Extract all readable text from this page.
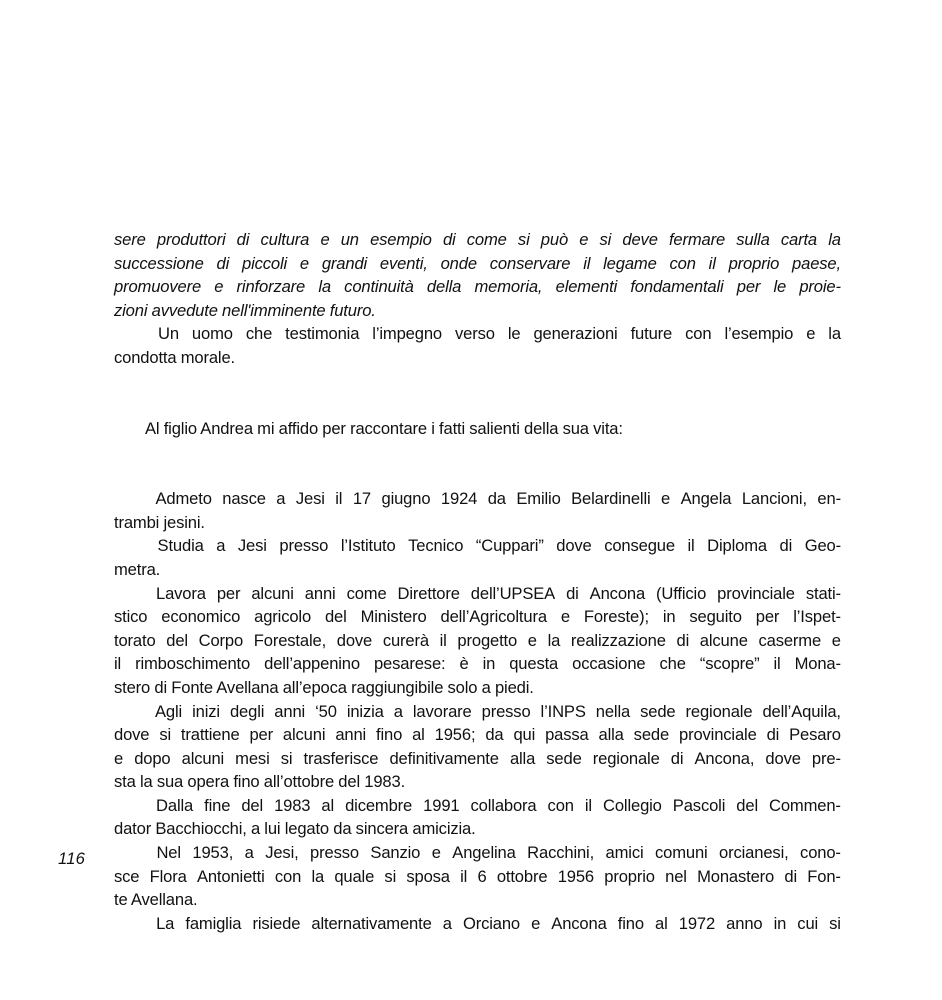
sere produttori di cultura e un esempio di come si può e si deve fermare sulla carta la
successione di piccoli e grandi eventi, onde conservare il legame con il proprio paese,
promuovere e rinforzare la continuità della memoria, elementi fondamentali per le proie-
zioni avvedute nell'imminente futuro.

Un uomo che testimonia l’impegno verso le generazioni future con l’esempio e la
condotta morale.

Al figlio Andrea mi affido per raccontare i fatti salienti della sua vita:

Admeto nasce a Jesi il 17 giugno 1924 da Emilio Belardinelli e Angela Lancioni, en-
trambi jesini.

Studia a Jesi presso l’Istituto Tecnico “Cuppari” dove consegue il Diploma di Geo-
metra.

Lavora per alcuni anni come Direttore dell’UPSEA di Ancona (Ufficio provinciale stati-
stico economico agricolo del Ministero dell’Agricoltura e Foreste); in seguito per l’Ispet-
torato del Corpo Forestale, dove curerà il progetto e la realizzazione di alcune caserme e
il rimboschimento dell’appenino pesarese: è in questa occasione che “scopre” il Mona-
stero di Fonte Avellana all’epoca raggiungibile solo a piedi.

Agli inizi degli anni ‘50 inizia a lavorare presso l’INPS nella sede regionale dell’Aquila,
dove si trattiene per alcuni anni fino al 1956; da qui passa alla sede provinciale di Pesaro
e dopo alcuni mesi si trasferisce definitivamente alla sede regionale di Ancona, dove pre-
sta la sua opera fino all’ottobre del 1983.

Dalla fine del 1983 al dicembre 1991 collabora con il Collegio Pascoli del Commen-
dator Bacchiocchi, a lui legato da sincera amicizia.

Nel 1953, a Jesi, presso Sanzio e Angelina Racchini, amici comuni orcianesi, cono-
sce Flora Antonietti con la quale si sposa il 6 ottobre 1956 proprio nel Monastero di Fon-
te Avellana.

La famiglia risiede alternativamente a Orciano e Ancona fino al 1972 anno in cui si

116
